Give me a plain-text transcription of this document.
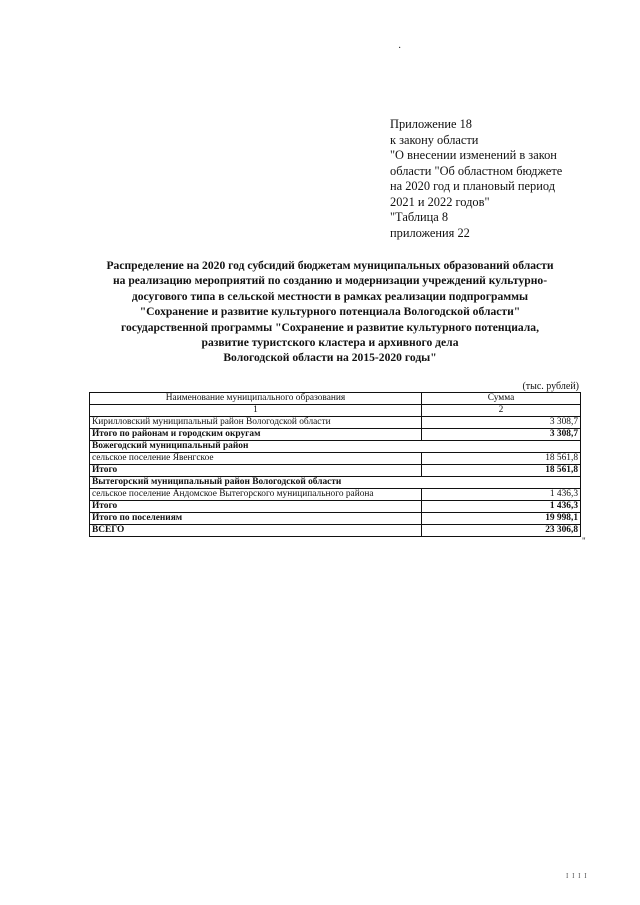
·
Приложение 18
к закону области
"О внесении изменений в закон
области "Об областном бюджете
на 2020 год и плановый период
2021 и 2022 годов"
"Таблица 8
приложения 22
Распределение на 2020 год субсидий бюджетам муниципальных образований области
на реализацию мероприятий по созданию и модернизации учреждений культурно-
досугового типа в сельской местности в рамках реализации подпрограммы
"Сохранение и развитие культурного потенциала Вологодской области"
государственной программы "Сохранение и развитие культурного потенциала,
развитие туристского кластера и архивного дела
Вологодской области на 2015-2020 годы"
(тыс. рублей)
Наименование муниципального образования	Сумма
1	2
Кирилловский муниципальный район Вологодской области	3 308,7
Итого по районам и городским округам	3 308,7
Вожегодский муниципальный район	
сельское поселение Явенгское	18 561,8
Итого	18 561,8
Вытегорский муниципальный район Вологодской области	
сельское поселение Андомское Вытегорского муниципального района	1 436,3
Итого	1 436,3
Итого по поселениям	19 998,1
ВСЕГО	23 306,8
"
I I I I
